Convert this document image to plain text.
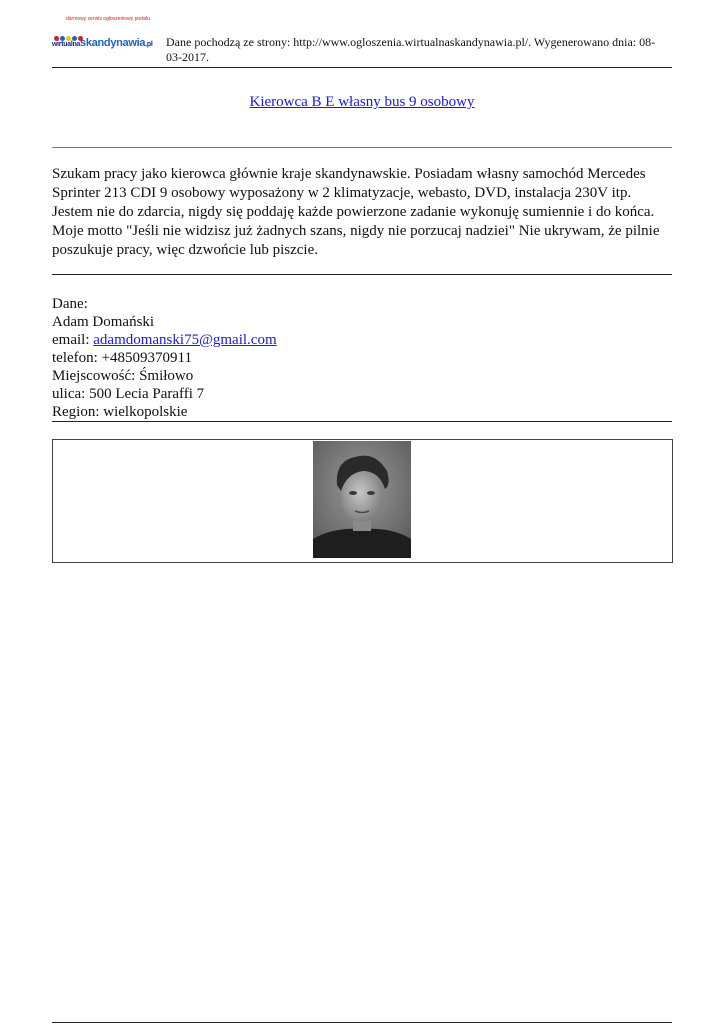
darmowy serwis ogłoszeniowy portalu
wirtualnaskandynawia.pl Dane pochodzą ze strony: http://www.ogloszenia.wirtualnaskandynawia.pl/. Wygenerowano dnia: 08-03-2017.
Kierowca B E własny bus 9 osobowy
Szukam pracy jako kierowca głównie kraje skandynawskie. Posiadam własny samochód Mercedes Sprinter 213 CDI 9 osobowy wyposażony w 2 klimatyzacje, webasto, DVD, instalacja 230V itp. Jestem nie do zdarcia, nigdy się poddaję każde powierzone zadanie wykonuję sumiennie i do końca. Moje motto "Jeśli nie widzisz już żadnych szans, nigdy nie porzucaj nadziei" Nie ukrywam, że pilnie poszukuje pracy, więc dzwońcie lub piszcie.
Dane:
Adam Domański
email: adamdomanski75@gmail.com
telefon: +48509370911
Miejscowość: Śmiłowo
ulica: 500 Lecia Paraffi 7
Region: wielkopolskie
